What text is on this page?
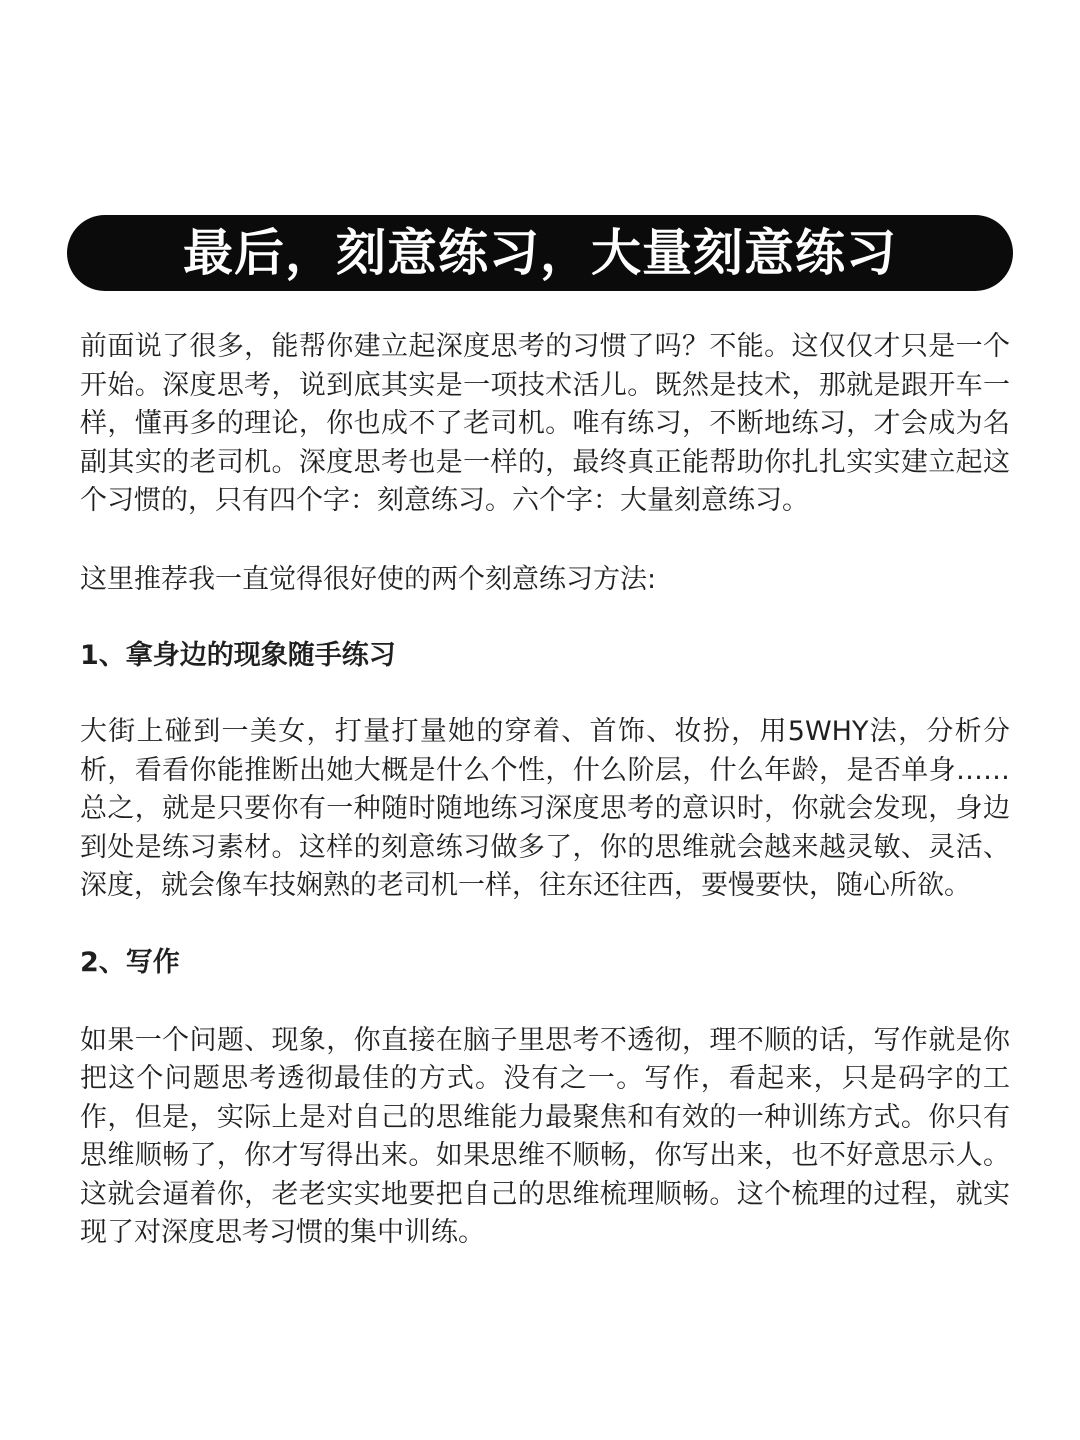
最后，刻意练习，大量刻意练习

前面说了很多，能帮你建立起深度思考的习惯了吗？不能。这仅仅才只是一个开始。深度思考，说到底其实是一项技术活儿。既然是技术，那就是跟开车一样，懂再多的理论，你也成不了老司机。唯有练习，不断地练习，才会成为名副其实的老司机。深度思考也是一样的，最终真正能帮助你扎扎实实建立起这个习惯的，只有四个字：刻意练习。六个字：大量刻意练习。

这里推荐我一直觉得很好使的两个刻意练习方法:

1、拿身边的现象随手练习

大街上碰到一美女，打量打量她的穿着、首饰、妆扮，用5WHY法，分析分析，看看你能推断出她大概是什么个性，什么阶层，什么年龄，是否单身……总之，就是只要你有一种随时随地练习深度思考的意识时，你就会发现，身边到处是练习素材。这样的刻意练习做多了，你的思维就会越来越灵敏、灵活、深度，就会像车技娴熟的老司机一样，往东还往西，要慢要快，随心所欲。

2、写作

如果一个问题、现象，你直接在脑子里思考不透彻，理不顺的话，写作就是你把这个问题思考透彻最佳的方式。没有之一。写作，看起来，只是码字的工作，但是，实际上是对自己的思维能力最聚焦和有效的一种训练方式。你只有思维顺畅了，你才写得出来。如果思维不顺畅，你写出来，也不好意思示人。这就会逼着你，老老实实地要把自己的思维梳理顺畅。这个梳理的过程，就实现了对深度思考习惯的集中训练。
